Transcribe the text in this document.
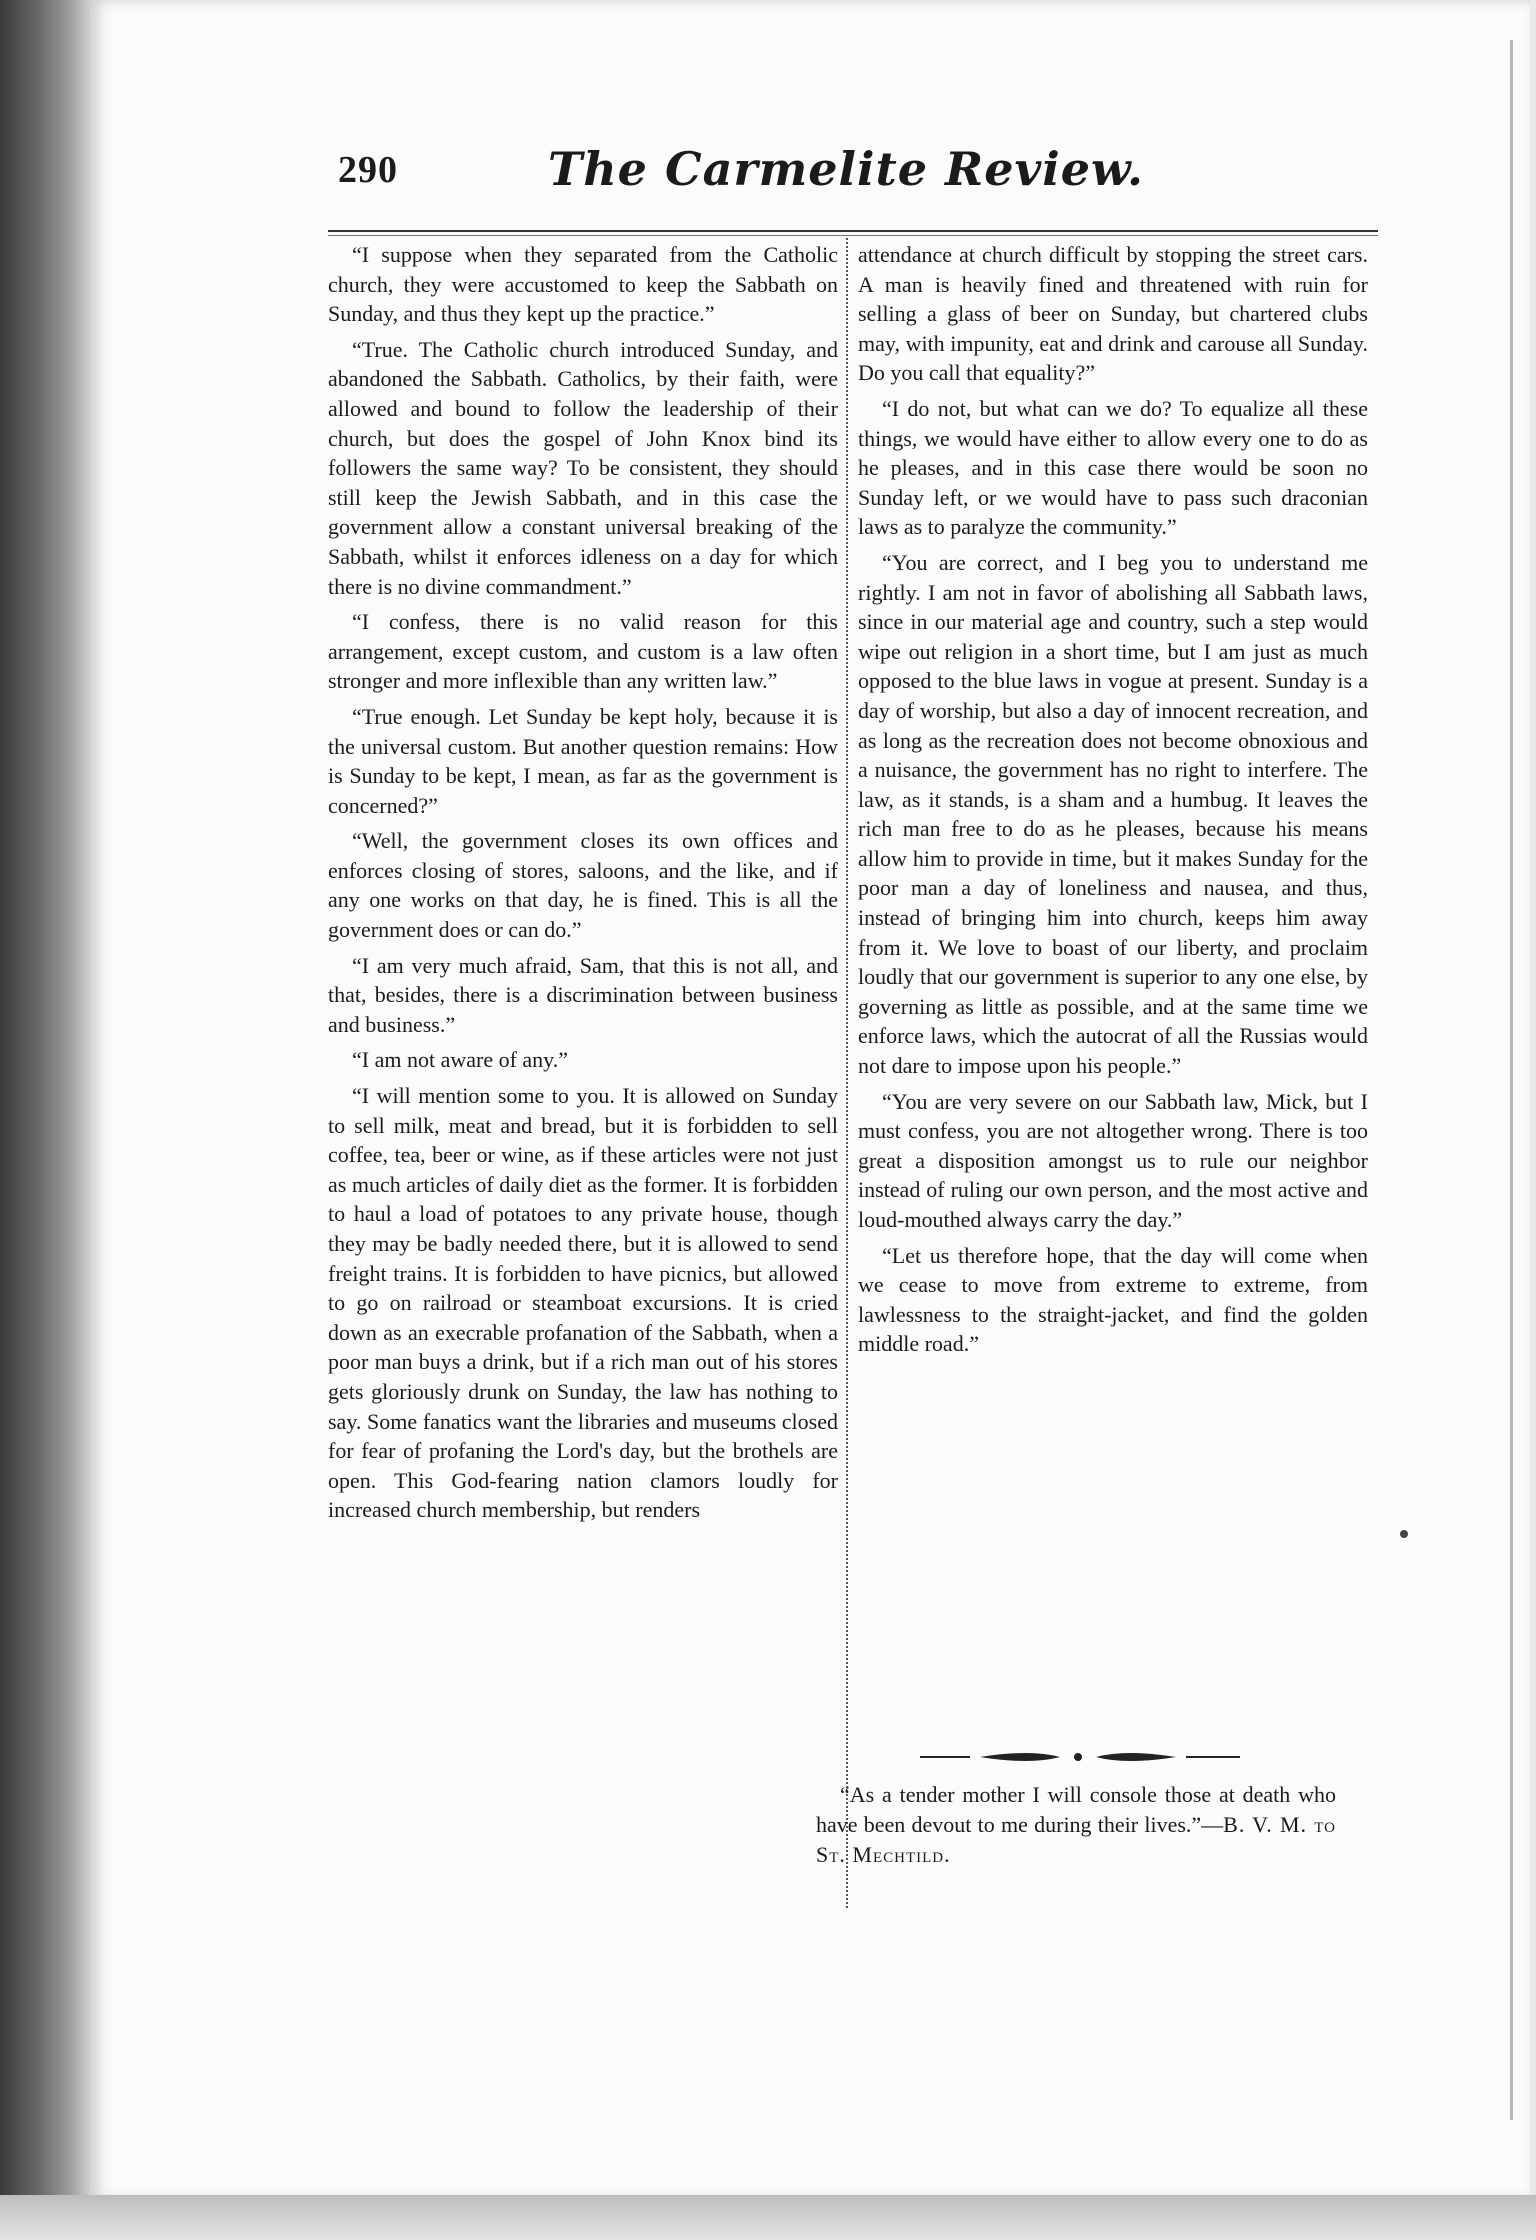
290	The Carmelite Review.

“I suppose when they separated from the Catholic church, they were accustomed to keep the Sabbath on Sunday, and thus they kept up the practice.”

“True. The Catholic church introduced Sunday, and abandoned the Sabbath. Catholics, by their faith, were allowed and bound to follow the leadership of their church, but does the gospel of John Knox bind its followers the same way? To be consistent, they should still keep the Jewish Sabbath, and in this case the government allow a constant universal breaking of the Sabbath, whilst it enforces idleness on a day for which there is no divine commandment.”

“I confess, there is no valid reason for this arrangement, except custom, and custom is a law often stronger and more inflexible than any written law.”

“True enough. Let Sunday be kept holy, because it is the universal custom. But another question remains: How is Sunday to be kept, I mean, as far as the government is concerned?”

“Well, the government closes its own offices and enforces closing of stores, saloons, and the like, and if any one works on that day, he is fined. This is all the government does or can do.”

“I am very much afraid, Sam, that this is not all, and that, besides, there is a discrimination between business and business.”

“I am not aware of any.”

“I will mention some to you. It is allowed on Sunday to sell milk, meat and bread, but it is forbidden to sell coffee, tea, beer or wine, as if these articles were not just as much articles of daily diet as the former. It is forbidden to haul a load of potatoes to any private house, though they may be badly needed there, but it is allowed to send freight trains. It is forbidden to have picnics, but allowed to go on railroad or steamboat excursions. It is cried down as an execrable profanation of the Sabbath, when a poor man buys a drink, but if a rich man out of his stores gets gloriously drunk on Sunday, the law has nothing to say. Some fanatics want the libraries and museums closed for fear of profaning the Lord's day, but the brothels are open. This God-fearing nation clamors loudly for increased church membership, but renders

attendance at church difficult by stopping the street cars. A man is heavily fined and threatened with ruin for selling a glass of beer on Sunday, but chartered clubs may, with impunity, eat and drink and carouse all Sunday. Do you call that equality?”

“I do not, but what can we do? To equalize all these things, we would have either to allow every one to do as he pleases, and in this case there would be soon no Sunday left, or we would have to pass such draconian laws as to paralyze the community.”

“You are correct, and I beg you to understand me rightly. I am not in favor of abolishing all Sabbath laws, since in our material age and country, such a step would wipe out religion in a short time, but I am just as much opposed to the blue laws in vogue at present. Sunday is a day of worship, but also a day of innocent recreation, and as long as the recreation does not become obnoxious and a nuisance, the government has no right to interfere. The law, as it stands, is a sham and a humbug. It leaves the rich man free to do as he pleases, because his means allow him to provide in time, but it makes Sunday for the poor man a day of loneliness and nausea, and thus, instead of bringing him into church, keeps him away from it. We love to boast of our liberty, and proclaim loudly that our government is superior to any one else, by governing as little as possible, and at the same time we enforce laws, which the autocrat of all the Russias would not dare to impose upon his people.”

“You are very severe on our Sabbath law, Mick, but I must confess, you are not altogether wrong. There is too great a disposition amongst us to rule our neighbor instead of ruling our own person, and the most active and loud-mouthed always carry the day.”

“Let us therefore hope, that the day will come when we cease to move from extreme to extreme, from lawlessness to the straight-jacket, and find the golden middle road.”

“As a tender mother I will console those at death who have been devout to me during their lives.”—B. V. M. to St. Mechtild.
